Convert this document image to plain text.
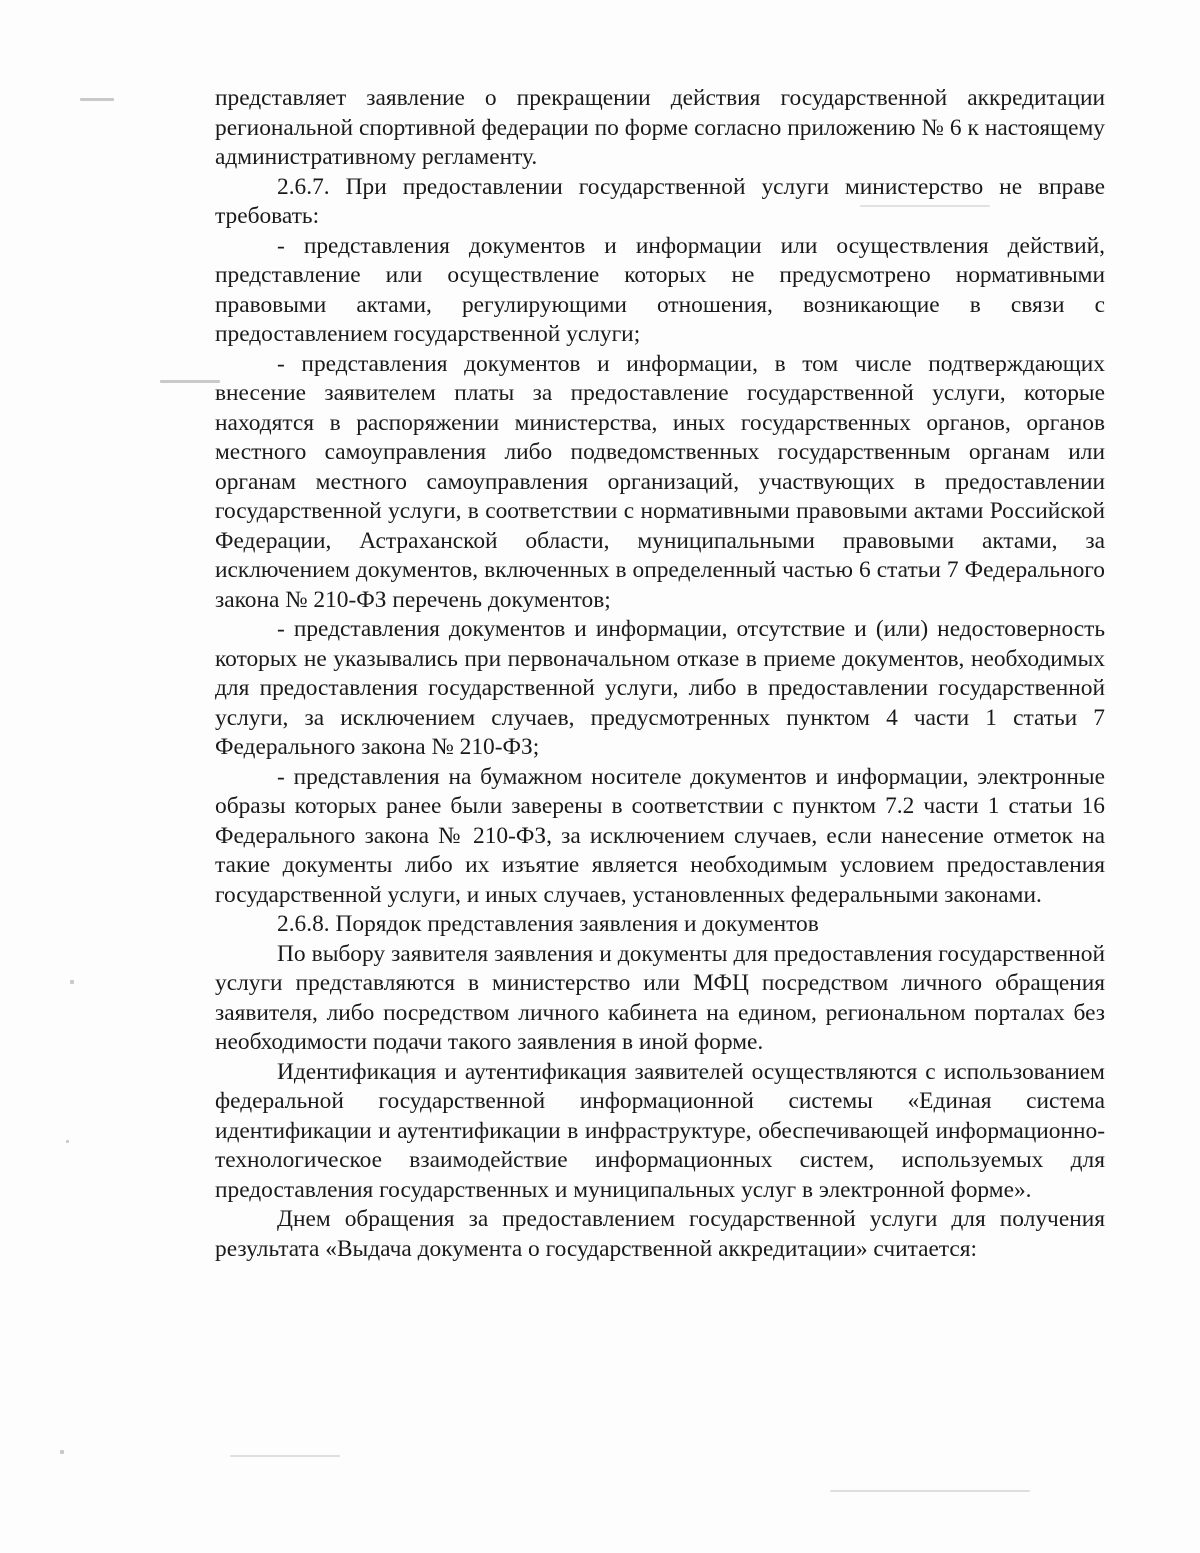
представляет заявление о прекращении действия государственной аккредитации региональной спортивной федерации по форме согласно приложению № 6 к настоящему административному регламенту.

2.6.7. При предоставлении государственной услуги министерство не вправе требовать:

- представления документов и информации или осуществления действий, представление или осуществление которых не предусмотрено нормативными правовыми актами, регулирующими отношения, возникающие в связи с предоставлением государственной услуги;

- представления документов и информации, в том числе подтверждающих внесение заявителем платы за предоставление государственной услуги, которые находятся в распоряжении министерства, иных государственных органов, органов местного самоуправления либо подведомственных государственным органам или органам местного самоуправления организаций, участвующих в предоставлении государственной услуги, в соответствии с нормативными правовыми актами Российской Федерации, Астраханской области, муниципальными правовыми актами, за исключением документов, включенных в определенный частью 6 статьи 7 Федерального закона № 210-ФЗ перечень документов;

- представления документов и информации, отсутствие и (или) недостоверность которых не указывались при первоначальном отказе в приеме документов, необходимых для предоставления государственной услуги, либо в предоставлении государственной услуги, за исключением случаев, предусмотренных пунктом 4 части 1 статьи 7 Федерального закона № 210-ФЗ;

- представления на бумажном носителе документов и информации, электронные образы которых ранее были заверены в соответствии с пунктом 7.2 части 1 статьи 16 Федерального закона № 210-ФЗ, за исключением случаев, если нанесение отметок на такие документы либо их изъятие является необходимым условием предоставления государственной услуги, и иных случаев, установленных федеральными законами.

2.6.8. Порядок представления заявления и документов

По выбору заявителя заявления и документы для предоставления государственной услуги представляются в министерство или МФЦ посредством личного обращения заявителя, либо посредством личного кабинета на едином, региональном порталах без необходимости подачи такого заявления в иной форме.

Идентификация и аутентификация заявителей осуществляются с использованием федеральной государственной информационной системы «Единая система идентификации и аутентификации в инфраструктуре, обеспечивающей информационно-технологическое взаимодействие информационных систем, используемых для предоставления государственных и муниципальных услуг в электронной форме».

Днем обращения за предоставлением государственной услуги для получения результата «Выдача документа о государственной аккредитации» считается:
